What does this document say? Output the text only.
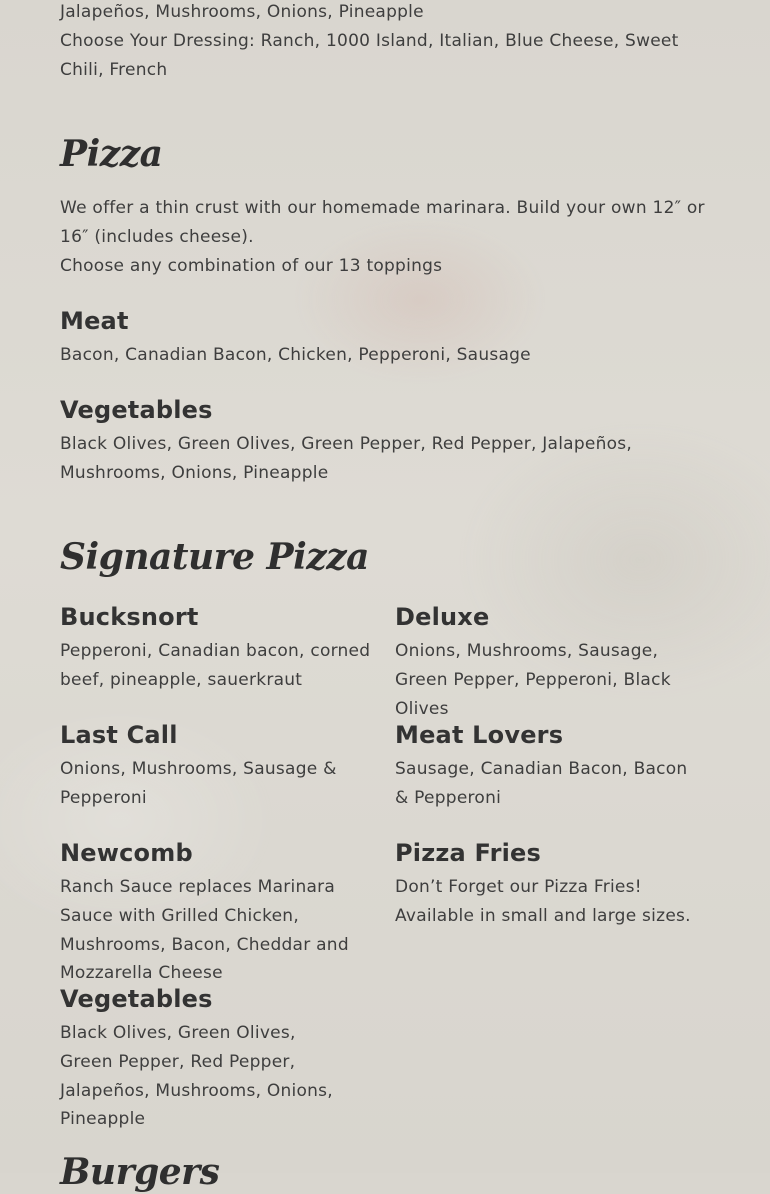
Jalapeños, Mushrooms, Onions, Pineapple

Choose Your Dressing: Ranch, 1000 Island, Italian, Blue Cheese, Sweet Chili, French

Pizza

We offer a thin crust with our homemade marinara. Build your own 12″ or 16″ (includes cheese).

Choose any combination of our 13 toppings

Meat

Bacon, Canadian Bacon, Chicken, Pepperoni, Sausage

Vegetables

Black Olives, Green Olives, Green Pepper, Red Pepper, Jalapeños, Mushrooms, Onions, Pineapple

Signature Pizza
Bucksnort

Pepperoni, Canadian bacon, corned beef, pineapple, sauerkraut

Deluxe

Onions, Mushrooms, Sausage, Green Pepper, Pepperoni, Black Olives

Last Call

Onions, Mushrooms, Sausage & Pepperoni

Meat Lovers

Sausage, Canadian Bacon, Bacon & Pepperoni

Newcomb

Ranch Sauce replaces Marinara Sauce with Grilled Chicken, Mushrooms, Bacon, Cheddar and Mozzarella Cheese

Pizza Fries

Don’t Forget our Pizza Fries! Available in small and large sizes.

Vegetables

Black Olives, Green Olives, Green Pepper, Red Pepper, Jalapeños, Mushrooms, Onions, Pineapple

Burgers
